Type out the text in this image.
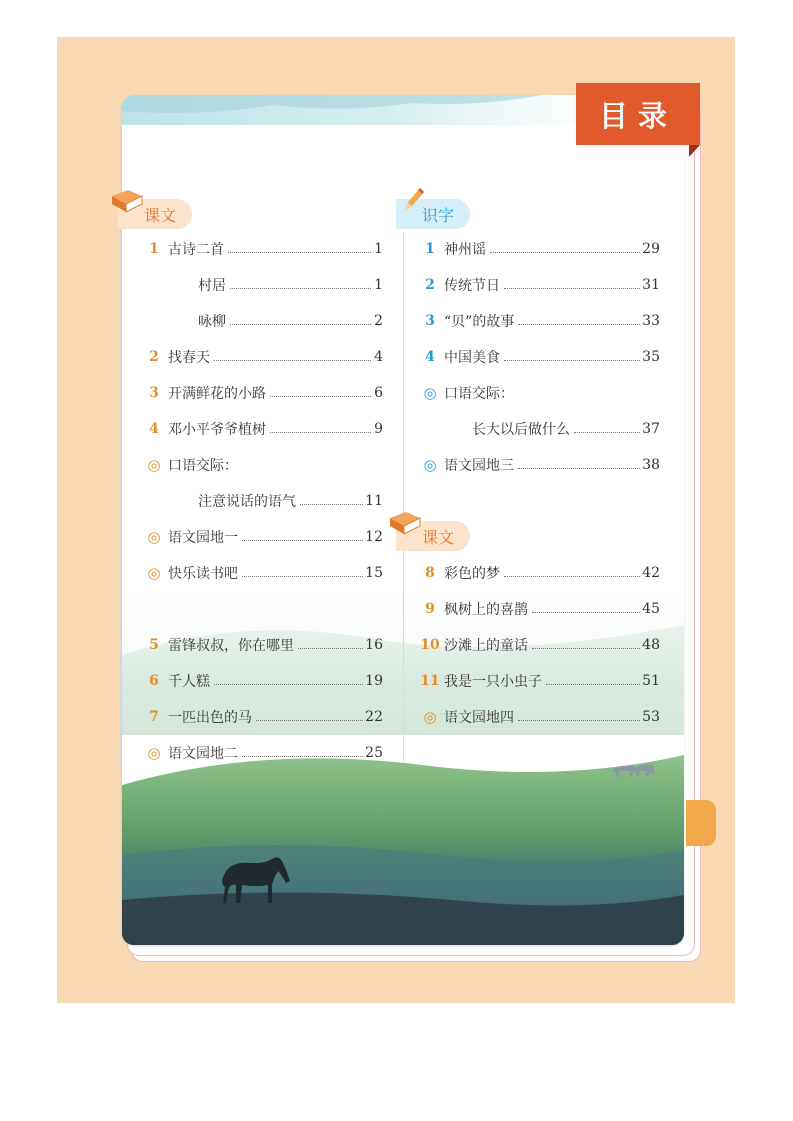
目录
课文	识字
课文
1 古诗二首	1
村居	1
咏柳	2
2 找春天	4
3 开满鲜花的小路	6
4 邓小平爷爷植树	9
◎ 口语交际：
注意说话的语气	11
◎ 语文园地一	12
◎ 快乐读书吧	15
5 雷锋叔叔，你在哪里	16
6 千人糕	19
7 一匹出色的马	22
◎ 语文园地二	25
1 神州谣	29
2 传统节日	31
3 “贝”的故事	33
4 中国美食	35
◎ 口语交际：
长大以后做什么	37
◎ 语文园地三	38
8 彩色的梦	42
9 枫树上的喜鹊	45
10 沙滩上的童话	48
11 我是一只小虫子	51
◎ 语文园地四	53
